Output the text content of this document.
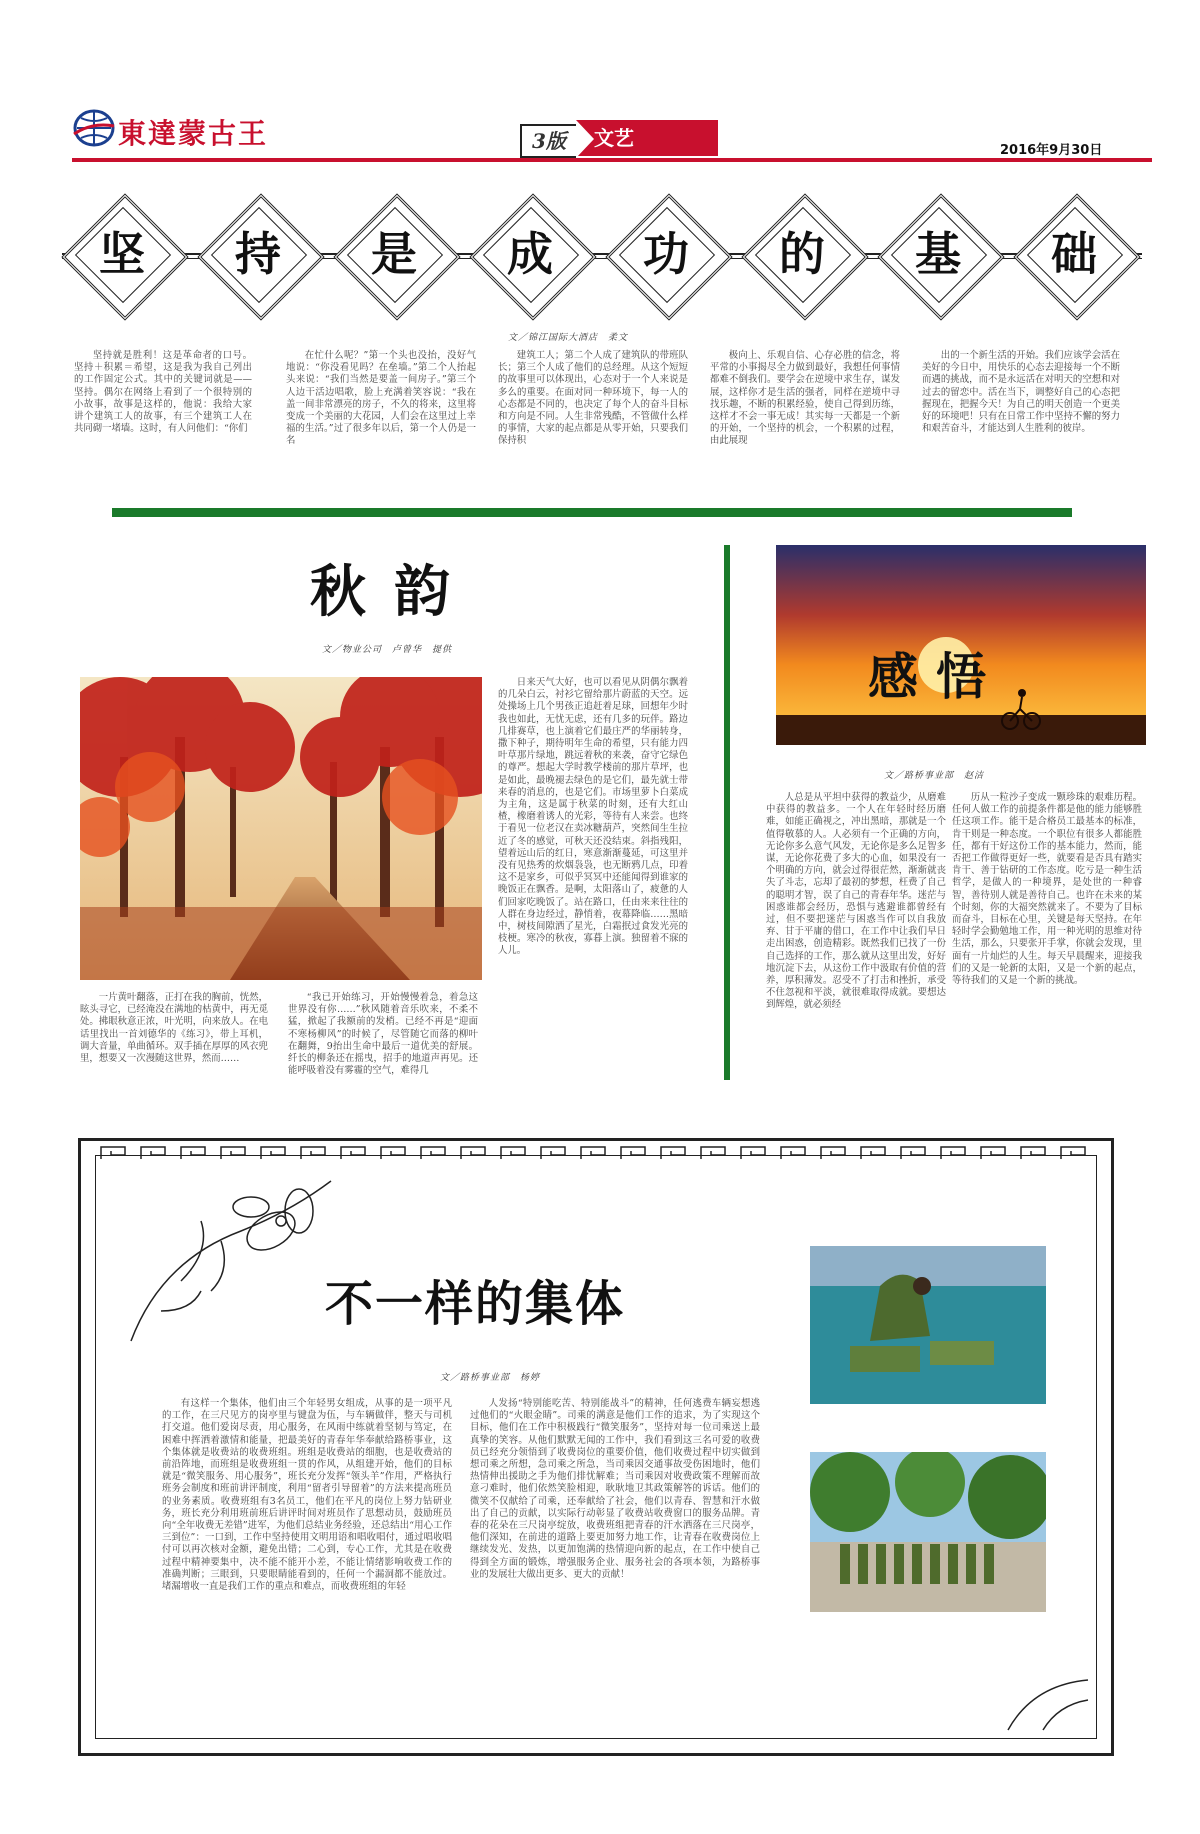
東達蒙古王	3版	文艺
2016年9月30日
坚	持	是	成	功	的	基	础
文／锦江国际大酒店　柔文
坚持就是胜利！这是革命者的口号。坚持＋积累＝希望，这是我为我自己列出的工作固定公式。其中的关键词就是——坚持。偶尔在网络上看到了一个很特别的小故事，故事是这样的，他说：我给大家讲个建筑工人的故事，有三个建筑工人在共同砌一堵墙。这时，有人问他们：“你们
在忙什么呢？”第一个头也没抬，没好气地说：“你没看见吗？在垒墙。”第二个人抬起头来说：“我们当然是要盖一间房子。”第三个人边干活边唱歌，脸上充满着笑容说：“我在盖一间非常漂亮的房子，不久的将来，这里将变成一个美丽的大花园，人们会在这里过上幸福的生活。”过了很多年以后，第一个人仍是一名
建筑工人；第二个人成了建筑队的带班队长；第三个人成了他们的总经理。从这个短短的故事里可以体现出，心态对于一个人来说是多么的重要。在面对同一种环境下，每一人的心态都是不同的，也决定了每个人的奋斗目标和方向是不同。人生非常残酷，不管做什么样的事情，大家的起点都是从零开始，只要我们保持积
极向上、乐观自信、心存必胜的信念，将平常的小事揭尽全力做到最好，我想任何事情都难不倒我们。要学会在逆境中求生存，谋发展，这样你才是生活的强者，同样在逆境中寻找乐趣，不断的积累经验，使自己得到历练，这样才不会一事无成！其实每一天都是一个新的开始，一个坚持的机会，一个积累的过程，由此展现
出的一个新生活的开始。我们应该学会活在美好的今日中，用快乐的心态去迎接每一个不断而遇的挑战，而不是永远活在对明天的空想和对过去的留恋中。活在当下，调整好自己的心态把握现在，把握今天！为自己的明天创造一个更美好的环境吧！只有在日常工作中坚持不懈的努力和艰苦奋斗，才能达到人生胜利的彼岸。
秋韵
文／物业公司　卢曾华　提供
一片黄叶翻落，正打在我的胸前，恍然，眩头寻它，已经淹没在满地的枯黄中，再无觅处。拂眼秋意正浓，叶光明，向来放人。在电话里找出一首刘德华的《练习》，带上耳机，调大音量，单曲循环。双手插在厚厚的风衣兜里，想要又一次漫随这世界，然而……
“我已开始练习，开始慢慢着急，着急这世界没有你……”秋风随着音乐吹来，不柔不猛，掀起了我额前的发梢。已经不再是“迎面不寒杨柳风”的时候了，尽管随它而落的柳叶在翻舞，9抬出生命中最后一道优美的舒展。纤长的柳条还在摇曳，招手的地道声再见。还能呼吸着没有雾霾的空气，难得几
日来天气大好，也可以看见从阴偶尔飘着的几朵白云，衬衫它留给那片蔚蓝的天空。远处操场上几个男孩正追赶着足球，回想年少时我也如此，无忧无虑，还有几多的玩伴。路边几排赛草，也上演着它们最庄严的华丽转身，撒下种子，期待明年生命的希望，只有能力四叶草那片绿地，跳远着秋的来袭，奋守它绿色的尊严。想起大学时教学楼前的那片草坪，也是如此，最晚褪去绿色的是它们，最先就士带来春的消息的，也是它们。市场里萝卜白菜成为主角，这是属于秋菜的时刻，还有大红山楂，橡磨着诱人的光彩，等待有人来尝。也终于看见一位老汉在卖冰糖葫芦，突然间生生拉近了冬的感觉，可秋天还没结束。斜指残阳，望着远山后的红日，寒意渐渐蔓延，可这里并没有见热秀的炊烟袅袅，也无断鸦几点，印着这不是家乡，可似乎冥冥中还能闻得到谁家的晚饭正在飘香。是啊，太阳落山了，疲惫的人们回家吃晚饭了。站在路口，任由来来往往的人群在身边经过，静悄着，夜幕降临……黑暗中，树枝间隙洒了星光，白霜抿过食发光亮的枝梗。寒冷的秋夜，寡暮上演。独留着不寐的人儿。
感悟
文／路桥事业部　赵洁
人总是从平坦中获得的教益少，从磨难中获得的教益多。一个人在年轻时经历磨难，如能正确视之，冲出黑暗，那就是一个值得敬慕的人。人必须有一个正确的方向，无论你多么意气风发，无论你是多么足智多谋，无论你花费了多大的心血，如果没有一个明确的方向，就会过得很茫然，渐渐就丧失了斗志，忘却了最初的梦想，枉费了自己的聪明才智，误了自己的青春年华。迷茫与困惑谁都会经历，恐惧与逃避谁都曾经有过，但不要把迷茫与困惑当作可以自我放弃、甘于平庸的借口，在工作中让我们早日走出困惑，创造精彩。既然我们已找了一份自己选择的工作，那么就从这里出发，好好地沉淀下去，从这份工作中汲取有价值的营养，厚积薄发。忍受不了打击和挫折，承受不住忽视和平淡，就很难取得成就。要想达到辉煌，就必须经
历从一粒沙子变成一颗珍珠的艰难历程。任何人做工作的前提条件都是他的能力能够胜任这项工作。能干是合格员工最基本的标准，肯干则是一种态度。一个职位有很多人都能胜任，都有干好这份工作的基本能力，然而，能否把工作做得更好一些，就要看是否具有踏实肯干、善于钻研的工作态度。吃亏是一种生活哲学，是做人的一种境界，是处世的一种睿智，善待别人就是善待自己。也许在未来的某个时刻，你的大福突然就来了。不要为了目标而奋斗，目标在心里，关键是每天坚持。在年轻时学会勤勉地工作，用一种光明的思维对待生活，那么，只要张开手掌，你就会发现，里面有一片灿烂的人生。每天早晨醒来，迎接我们的又是一轮新的太阳，又是一个新的起点，等待我们的又是一个新的挑战。
不一样的集体
文／路桥事业部　杨婷
有这样一个集体，他们由三个年轻男女组成，从事的是一项平凡的工作，在三尺见方的岗亭里与键盘为伍，与车辆做伴，整天与司机打交道。他们爱岗尽责，用心服务，在风雨中练就着坚韧与笃定，在困难中挥洒着激情和能量，把最美好的青春年华奉献给路桥事业，这个集体就是收费站的收费班组。班组是收费站的细胞，也是收费站的前沿阵地，而班组是收费班组一贯的作风，从组建开始，他们的目标就是“微笑服务、用心服务”，班长充分发挥“领头羊”作用，严格执行班务会制度和班前讲评制度，利用“留者引导留着”的方法来提高班员的业务素质。收费班组有3名员工，他们在平凡的岗位上努力钻研业务，班长充分利用班前班后讲评时间对班员作了思想动员，鼓励班员向“全年收费无差错”进军，为他们总结业务经验，还总结出“用心工作三到位”：一口到，工作中坚持使用文明用语和唱收唱付，通过唱收唱付可以再次核对金额，避免出错；二心到，专心工作，尤其是在收费过程中精神要集中，决不能不能开小差，不能让情绪影响收费工作的准确判断；三眼到，只要眼睛能看到的，任何一个漏洞都不能放过。堵漏增收一直是我们工作的重点和难点，而收费班组的年轻
人发扬“特别能吃苦、特别能战斗”的精神，任何逃费车辆妄想逃过他们的“火眼金睛”。司乘的满意是他们工作的追求，为了实现这个目标，他们在工作中积极践行“微笑服务”，坚持对每一位司乘送上最真挚的笑容。从他们默默无闻的工作中，我们看到这三名可爱的收费员已经充分领悟到了收费岗位的重要价值，他们收费过程中切实做到想司乘之所想，急司乘之所急，当司乘因交通事故受伤困地时，他们热情伸出援助之手为他们排忧解难；当司乘因对收费政策不理解而故意刁难时，他们依然笑脸相迎，耿耿地卫其政策解答的诉话。他们的微笑不仅献给了司乘，还奉献给了社会，他们以青春、智慧和汗水做出了自己的贡献，以实际行动彰显了收费站收费窗口的服务品牌。青春的花朵在三尺岗亭绽放，收费班组把青春的汗水洒落在三尺岗亭，他们深知，在前进的道路上要更加努力地工作，让青春在收费岗位上继续发光、发热，以更加饱满的热情迎向新的起点，在工作中使自己得到全方面的锻炼，增强服务企业、服务社会的各项本领，为路桥事业的发展壮大做出更多、更大的贡献！
